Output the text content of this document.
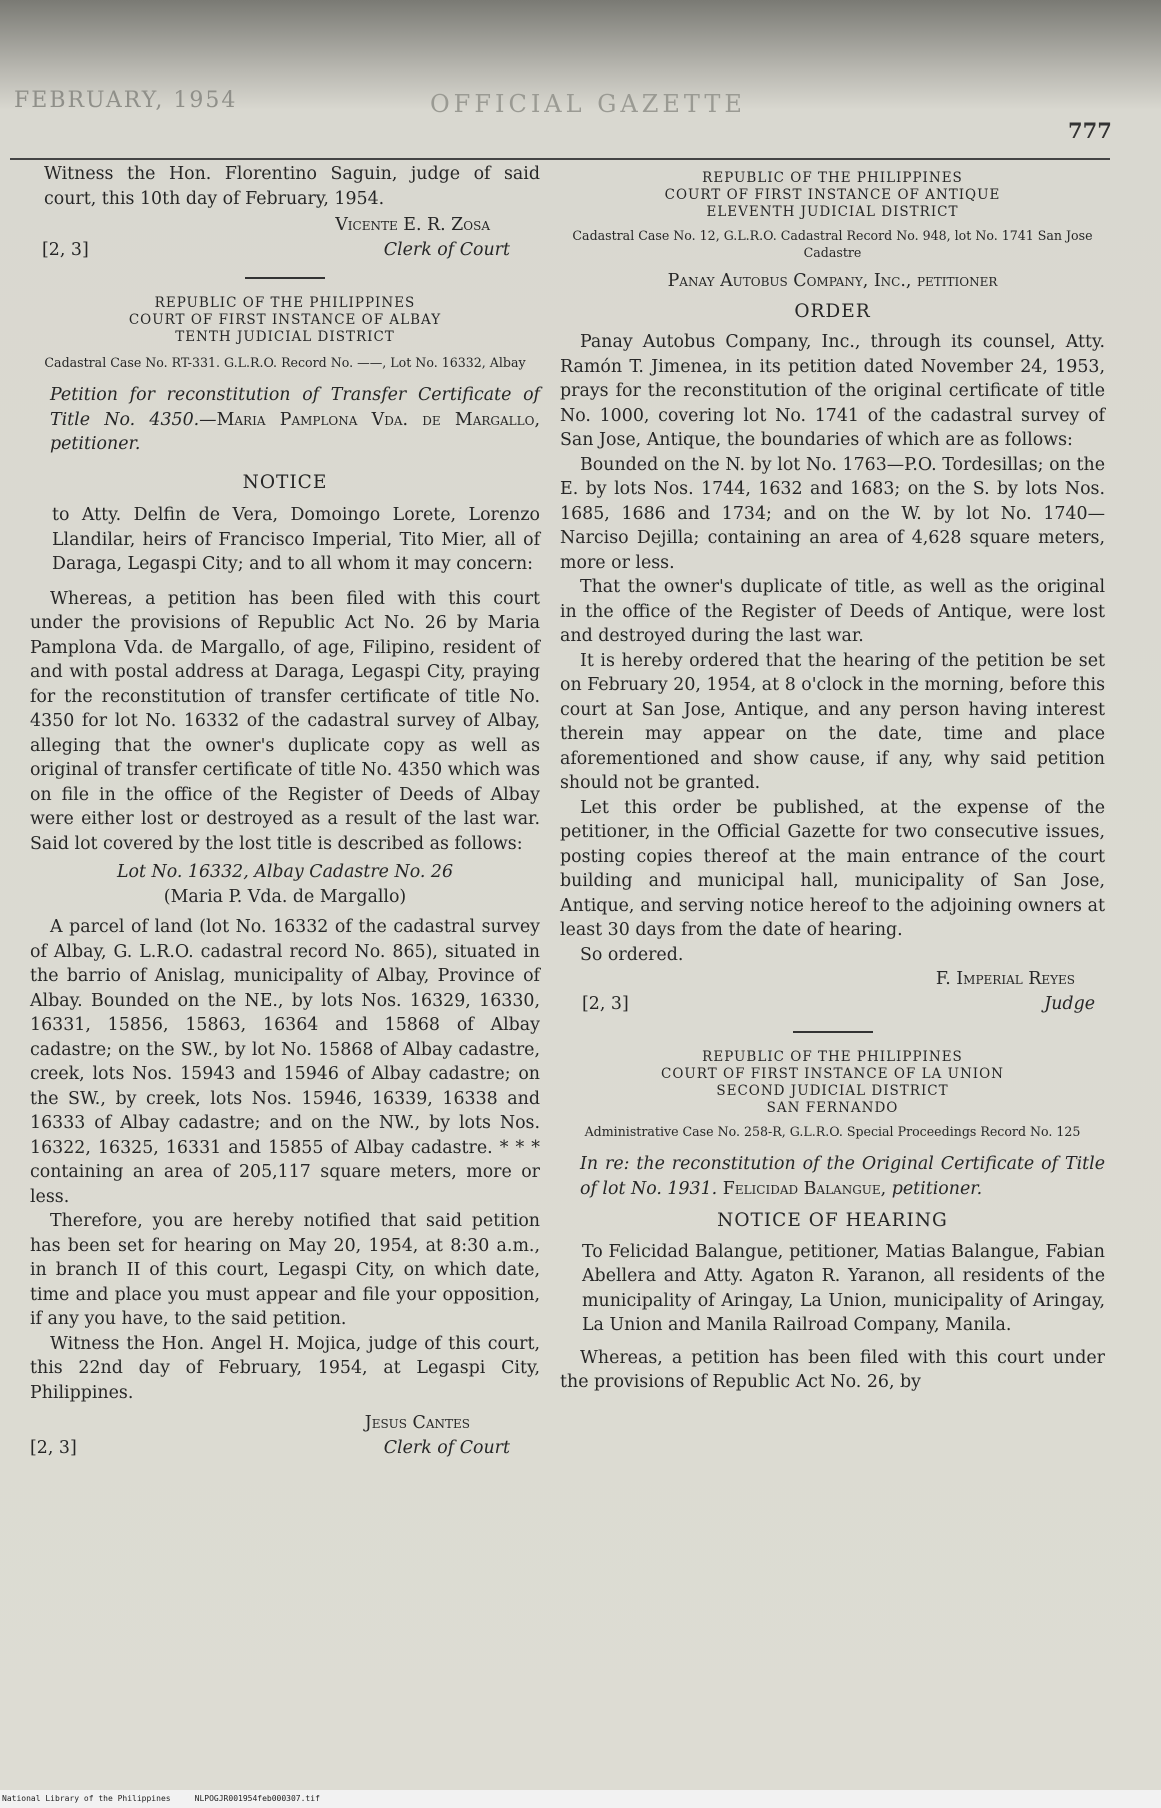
FEBRUARY, 1954	OFFICIAL GAZETTE
777

Witness the Hon. Florentino Saguin, judge of said court, this 10th day of February, 1954.

Vicente E. R. Zosa
[2, 3]	Clerk of Court
REPUBLIC OF THE PHILIPPINES
COURT OF FIRST INSTANCE OF ALBAY
TENTH JUDICIAL DISTRICT
Cadastral Case No. RT-331. G.L.R.O. Record No. ——, Lot No. 16332, Albay

Petition for reconstitution of Transfer Certificate of Title No. 4350.—Maria Pamplona Vda. de Margallo, petitioner.

NOTICE

to Atty. Delfin de Vera, Domoingo Lorete, Lorenzo Llandilar, heirs of Francisco Imperial, Tito Mier, all of Daraga, Legaspi City; and to all whom it may concern:

Whereas, a petition has been filed with this court under the provisions of Republic Act No. 26 by Maria Pamplona Vda. de Margallo, of age, Filipino, resident of and with postal address at Daraga, Legaspi City, praying for the reconstitution of transfer certificate of title No. 4350 for lot No. 16332 of the cadastral survey of Albay, alleging that the owner's duplicate copy as well as original of transfer certificate of title No. 4350 which was on file in the office of the Register of Deeds of Albay were either lost or destroyed as a result of the last war. Said lot covered by the lost title is described as follows:

Lot No. 16332, Albay Cadastre No. 26

(Maria P. Vda. de Margallo)

A parcel of land (lot No. 16332 of the cadastral survey of Albay, G. L.R.O. cadastral record No. 865), situated in the barrio of Anislag, municipality of Albay, Province of Albay. Bounded on the NE., by lots Nos. 16329, 16330, 16331, 15856, 15863, 16364 and 15868 of Albay cadastre; on the SW., by lot No. 15868 of Albay cadastre, creek, lots Nos. 15943 and 15946 of Albay cadastre; on the SW., by creek, lots Nos. 15946, 16339, 16338 and 16333 of Albay cadastre; and on the NW., by lots Nos. 16322, 16325, 16331 and 15855 of Albay cadastre. * * * containing an area of 205,117 square meters, more or less.

Therefore, you are hereby notified that said petition has been set for hearing on May 20, 1954, at 8:30 a.m., in branch II of this court, Legaspi City, on which date, time and place you must appear and file your opposition, if any you have, to the said petition.

Witness the Hon. Angel H. Mojica, judge of this court, this 22nd day of February, 1954, at Legaspi City, Philippines.

Jesus Cantes
[2, 3]	Clerk of Court
REPUBLIC OF THE PHILIPPINES
COURT OF FIRST INSTANCE OF ANTIQUE
ELEVENTH JUDICIAL DISTRICT
Cadastral Case No. 12, G.L.R.O. Cadastral Record No. 948, lot No. 1741 San Jose Cadastre

Panay Autobus Company, Inc., petitioner

ORDER

Panay Autobus Company, Inc., through its counsel, Atty. Ramón T. Jimenea, in its petition dated November 24, 1953, prays for the reconstitution of the original certificate of title No. 1000, covering lot No. 1741 of the cadastral survey of San Jose, Antique, the boundaries of which are as follows:

Bounded on the N. by lot No. 1763—P.O. Tordesillas; on the E. by lots Nos. 1744, 1632 and 1683; on the S. by lots Nos. 1685, 1686 and 1734; and on the W. by lot No. 1740—Narciso Dejilla; containing an area of 4,628 square meters, more or less.

That the owner's duplicate of title, as well as the original in the office of the Register of Deeds of Antique, were lost and destroyed during the last war.

It is hereby ordered that the hearing of the petition be set on February 20, 1954, at 8 o'clock in the morning, before this court at San Jose, Antique, and any person having interest therein may appear on the date, time and place aforementioned and show cause, if any, why said petition should not be granted.

Let this order be published, at the expense of the petitioner, in the Official Gazette for two consecutive issues, posting copies thereof at the main entrance of the court building and municipal hall, municipality of San Jose, Antique, and serving notice hereof to the adjoining owners at least 30 days from the date of hearing.

So ordered.

F. Imperial Reyes
[2, 3]	Judge
REPUBLIC OF THE PHILIPPINES
COURT OF FIRST INSTANCE OF LA UNION
SECOND JUDICIAL DISTRICT
SAN FERNANDO
Administrative Case No. 258-R, G.L.R.O. Special Proceedings Record No. 125

In re: the reconstitution of the Original Certificate of Title of lot No. 1931. Felicidad Balangue, petitioner.

NOTICE OF HEARING

To Felicidad Balangue, petitioner, Matias Balangue, Fabian Abellera and Atty. Agaton R. Yaranon, all residents of the municipality of Aringay, La Union, municipality of Aringay, La Union and Manila Railroad Company, Manila.

Whereas, a petition has been filed with this court under the provisions of Republic Act No. 26, by

National Library of the Philippines     NLPOGJR001954feb000307.tif
